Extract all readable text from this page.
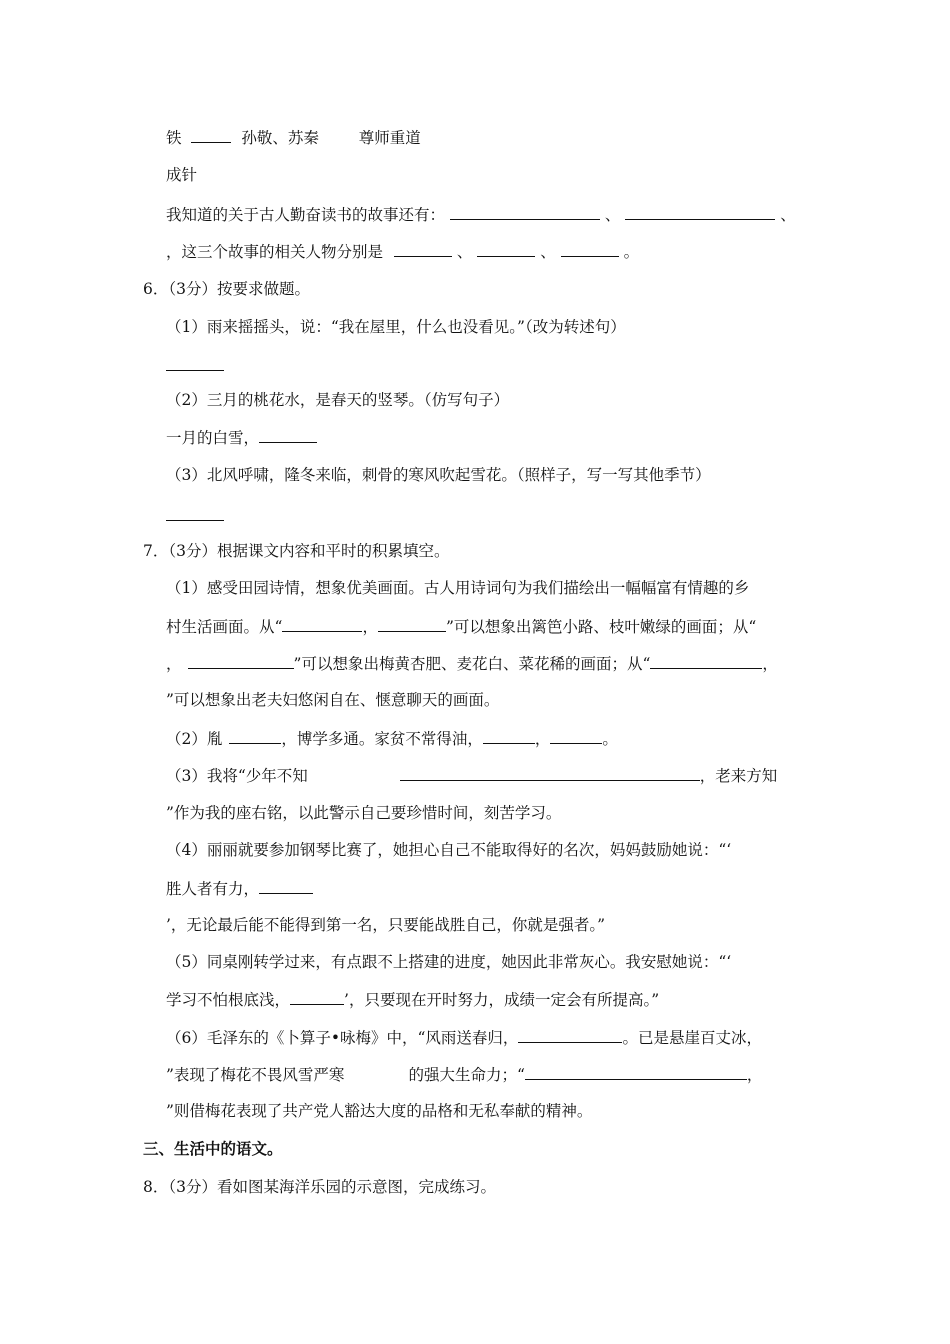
铁	孙敬、苏秦	尊师重道
成针
我知道的关于古人勤奋读书的故事还有：	、	、
，这三个故事的相关人物分别是	、	、	。
6．（3分）按要求做题。
（1）雨来摇摇头，说：“我在屋里，什么也没看见。”（改为转述句）
（2）三月的桃花水，是春天的竖琴。（仿写句子）
一月的白雪，
（3）北风呼啸，隆冬来临，刺骨的寒风吹起雪花。（照样子，写一写其他季节）
7．（3分）根据课文内容和平时的积累填空。
（1）感受田园诗情，想象优美画面。古人用诗词句为我们描绘出一幅幅富有情趣的乡
村生活画面。从“	，	”可以想象出篱笆小路、枝叶嫩绿的画面；从“
，	”可以想象出梅黄杏肥、麦花白、菜花稀的画面；从“	，
”可以想象出老夫妇悠闲自在、惬意聊天的画面。
（2）胤	，博学多通。家贫不常得油，	，	。
（3）我将“少年不知	，老来方知
”作为我的座右铭，以此警示自己要珍惜时间，刻苦学习。
（4）丽丽就要参加钢琴比赛了，她担心自己不能取得好的名次，妈妈鼓励她说：“‘
胜人者有力，
’，无论最后能不能得到第一名，只要能战胜自己，你就是强者。”
（5）同桌刚转学过来，有点跟不上搭建的进度，她因此非常灰心。我安慰她说：“‘
学习不怕根底浅，	’，只要现在开时努力，成绩一定会有所提高。”
（6）毛泽东的《卜算子•咏梅》中，“风雨送春归，	。已是悬崖百丈冰，
”表现了梅花不畏风雪严寒	的强大生命力；“	，
”则借梅花表现了共产党人豁达大度的品格和无私奉献的精神。
三、生活中的语文。
8．（3分）看如图某海洋乐园的示意图，完成练习。
